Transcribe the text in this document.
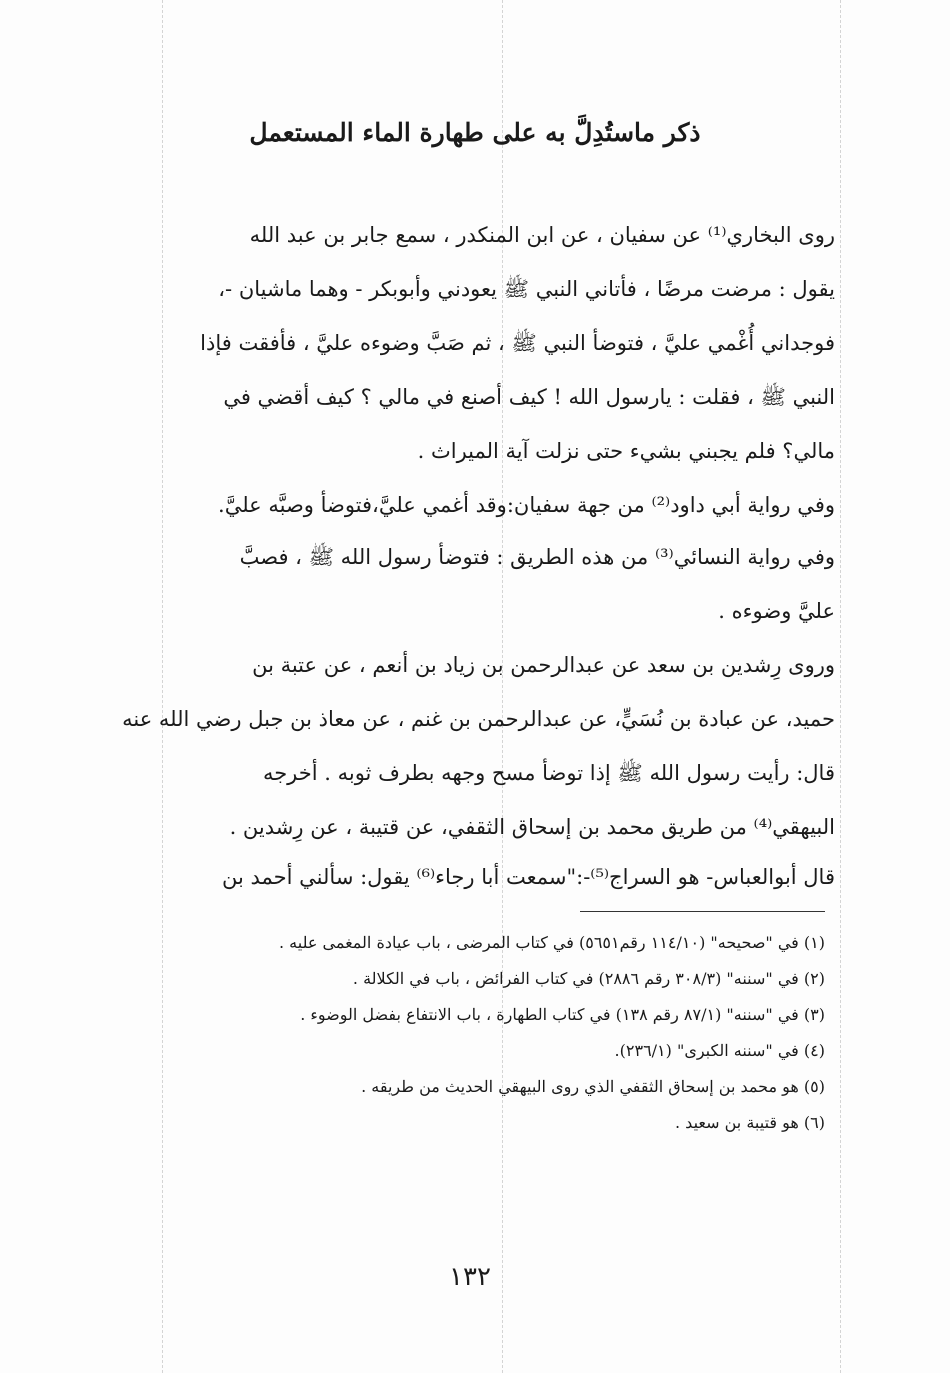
ذكر ماستُدِلَّ به على طهارة الماء المستعمل
روى البخاري⁽¹⁾ عن سفيان ، عن ابن المنكدر ، سمع جابر بن عبد الله
يقول : مرضت مرضًا ، فأتاني النبي ﷺ يعودني وأبوبكر - وهما ماشيان -،
فوجداني أُغْمي عليَّ ، فتوضأ النبي ﷺ ، ثم صَبَّ وضوءه عليَّ ، فأفقت فإذا
النبي ﷺ ، فقلت : يارسول الله ! كيف أصنع في مالي ؟ كيف أقضي في
مالي؟ فلم يجبني بشيء حتى نزلت آية الميراث .
وفي رواية أبي داود⁽²⁾ من جهة سفيان:وقد أغمي عليَّ،فتوضأ وصبَّه عليَّ.
وفي رواية النسائي⁽³⁾ من هذه الطريق : فتوضأ رسول الله ﷺ ، فصبَّ
عليَّ وضوءه .
وروى رِشدين بن سعد عن عبدالرحمن بن زياد بن أنعم ، عن عتبة بن
حميد، عن عبادة بن نُسَيٍّ، عن عبدالرحمن بن غنم ، عن معاذ بن جبل رضي الله عنه
قال: رأيت رسول الله ﷺ إذا توضأ مسح وجهه بطرف ثوبه . أخرجه
البيهقي⁽⁴⁾ من طريق محمد بن إسحاق الثقفي، عن قتيبة ، عن رِشدين .
قال أبوالعباس- هو السراج⁽⁵⁾-:"سمعت أبا رجاء⁽⁶⁾ يقول: سألني أحمد بن
(١) في "صحيحه" (١١٤/١٠ رقم٥٦٥١) في كتاب المرضى ، باب عيادة المغمى عليه .
(٢) في "سننه" (٣٠٨/٣ رقم ٢٨٨٦) في كتاب الفرائض ، باب في الكلالة .
(٣) في "سننه" (٨٧/١ رقم ١٣٨) في كتاب الطهارة ، باب الانتفاع بفضل الوضوء .
(٤) في "سننه الكبرى" (٢٣٦/١).
(٥) هو محمد بن إسحاق الثقفي الذي روى البيهقي الحديث من طريقه .
(٦) هو قتيبة بن سعيد .
١٣٢
